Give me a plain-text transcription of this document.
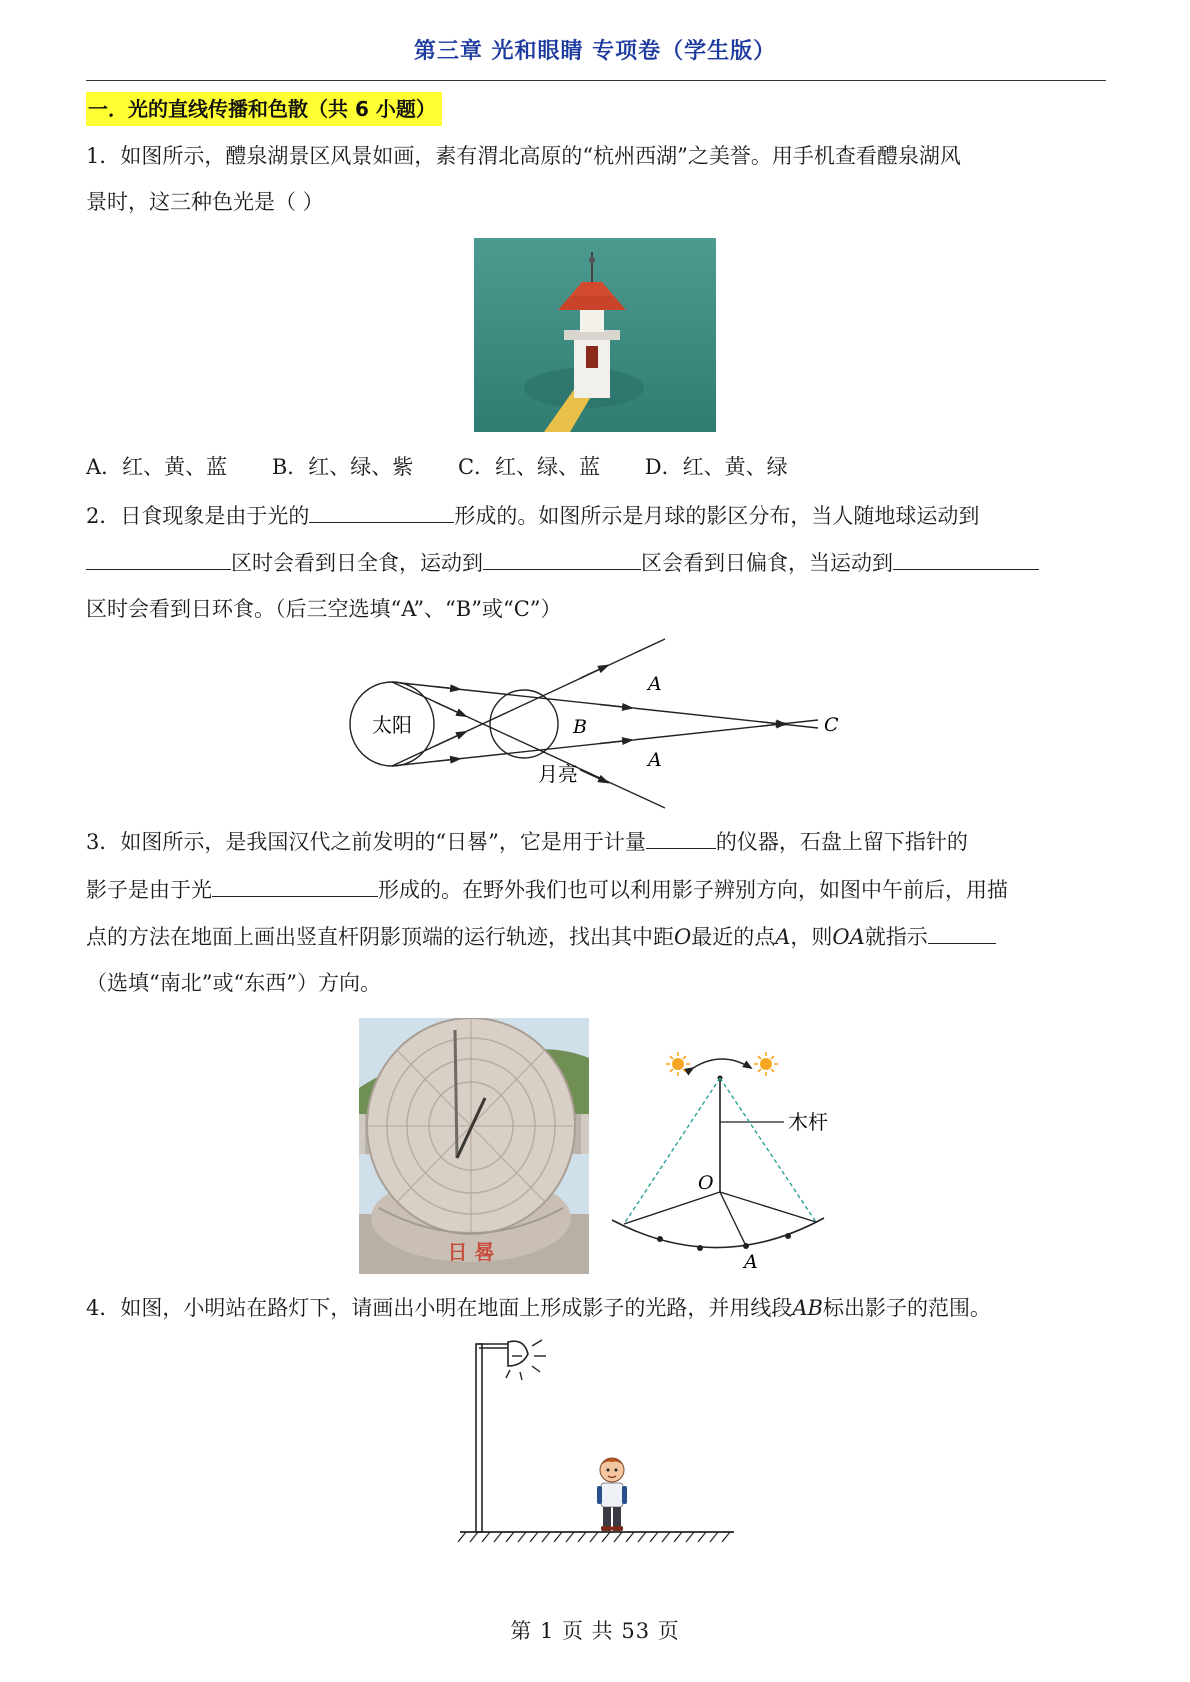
第三章 光和眼睛 专项卷（学生版）
一．光的直线传播和色散（共 6 小题）
1．如图所示，醴泉湖景区风景如画，素有渭北高原的“杭州西湖”之美誉。用手机查看醴泉湖风
景时，这三种色光是（ ）
A．红、黄、蓝 B．红、绿、紫 C．红、绿、蓝 D．红、黄、绿
2．日食现象是由于光的	形成的。如图所示是月球的影区分布，当人随地球运动到
区时会看到日全食，运动到	区会看到日偏食，当运动到
区时会看到日环食。（后三空选填“A”、“B”或“C”）
太阳
月亮
A
A
B	C
3．如图所示，是我国汉代之前发明的“日晷”，它是用于计量	的仪器，石盘上留下指针的
影子是由于光	形成的。在野外我们也可以利用影子辨别方向，如图中午前后，用描
点的方法在地面上画出竖直杆阴影顶端的运行轨迹，找出其中距O最近的点A，则OA就指示
（选填“南北”或“东西”）方向。
日 晷
木杆
O
A
4．如图，小明站在路灯下，请画出小明在地面上形成影子的光路，并用线段AB标出影子的范围。
第 1 页 共 53 页
